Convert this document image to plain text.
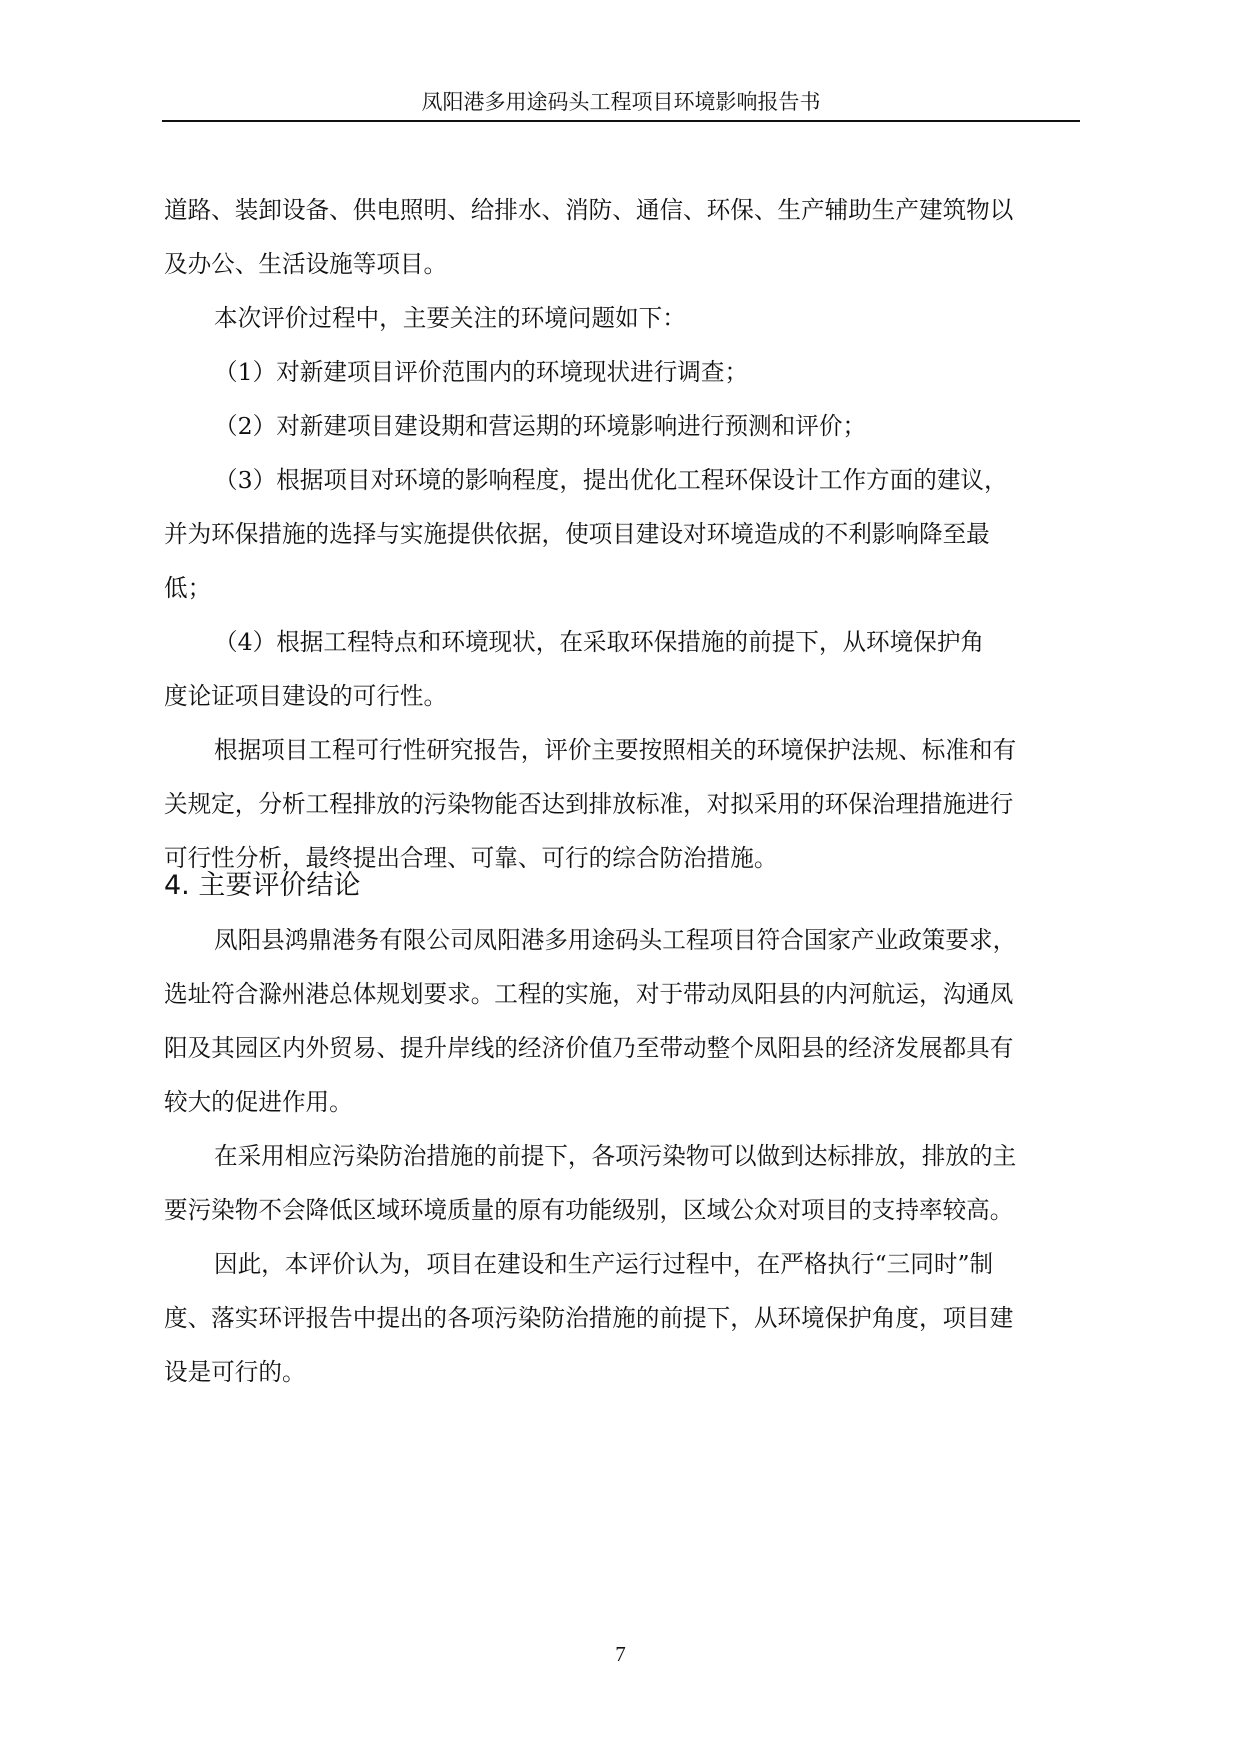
凤阳港多用途码头工程项目环境影响报告书
道路、装卸设备、供电照明、给排水、消防、通信、环保、生产辅助生产建筑物以
及办公、生活设施等项目。
本次评价过程中，主要关注的环境问题如下：
（1）对新建项目评价范围内的环境现状进行调查；
（2）对新建项目建设期和营运期的环境影响进行预测和评价；
（3）根据项目对环境的影响程度，提出优化工程环保设计工作方面的建议，
并为环保措施的选择与实施提供依据，使项目建设对环境造成的不利影响降至最
低；
（4）根据工程特点和环境现状，在采取环保措施的前提下，从环境保护角
度论证项目建设的可行性。
根据项目工程可行性研究报告，评价主要按照相关的环境保护法规、标准和有
关规定，分析工程排放的污染物能否达到排放标准，对拟采用的环保治理措施进行
可行性分析，最终提出合理、可靠、可行的综合防治措施。
4. 主要评价结论
凤阳县鸿鼎港务有限公司凤阳港多用途码头工程项目符合国家产业政策要求，
选址符合滁州港总体规划要求。工程的实施，对于带动凤阳县的内河航运，沟通凤
阳及其园区内外贸易、提升岸线的经济价值乃至带动整个凤阳县的经济发展都具有
较大的促进作用。
在采用相应污染防治措施的前提下，各项污染物可以做到达标排放，排放的主
要污染物不会降低区域环境质量的原有功能级别，区域公众对项目的支持率较高。
因此，本评价认为，项目在建设和生产运行过程中，在严格执行“三同时”制
度、落实环评报告中提出的各项污染防治措施的前提下，从环境保护角度，项目建
设是可行的。
7
